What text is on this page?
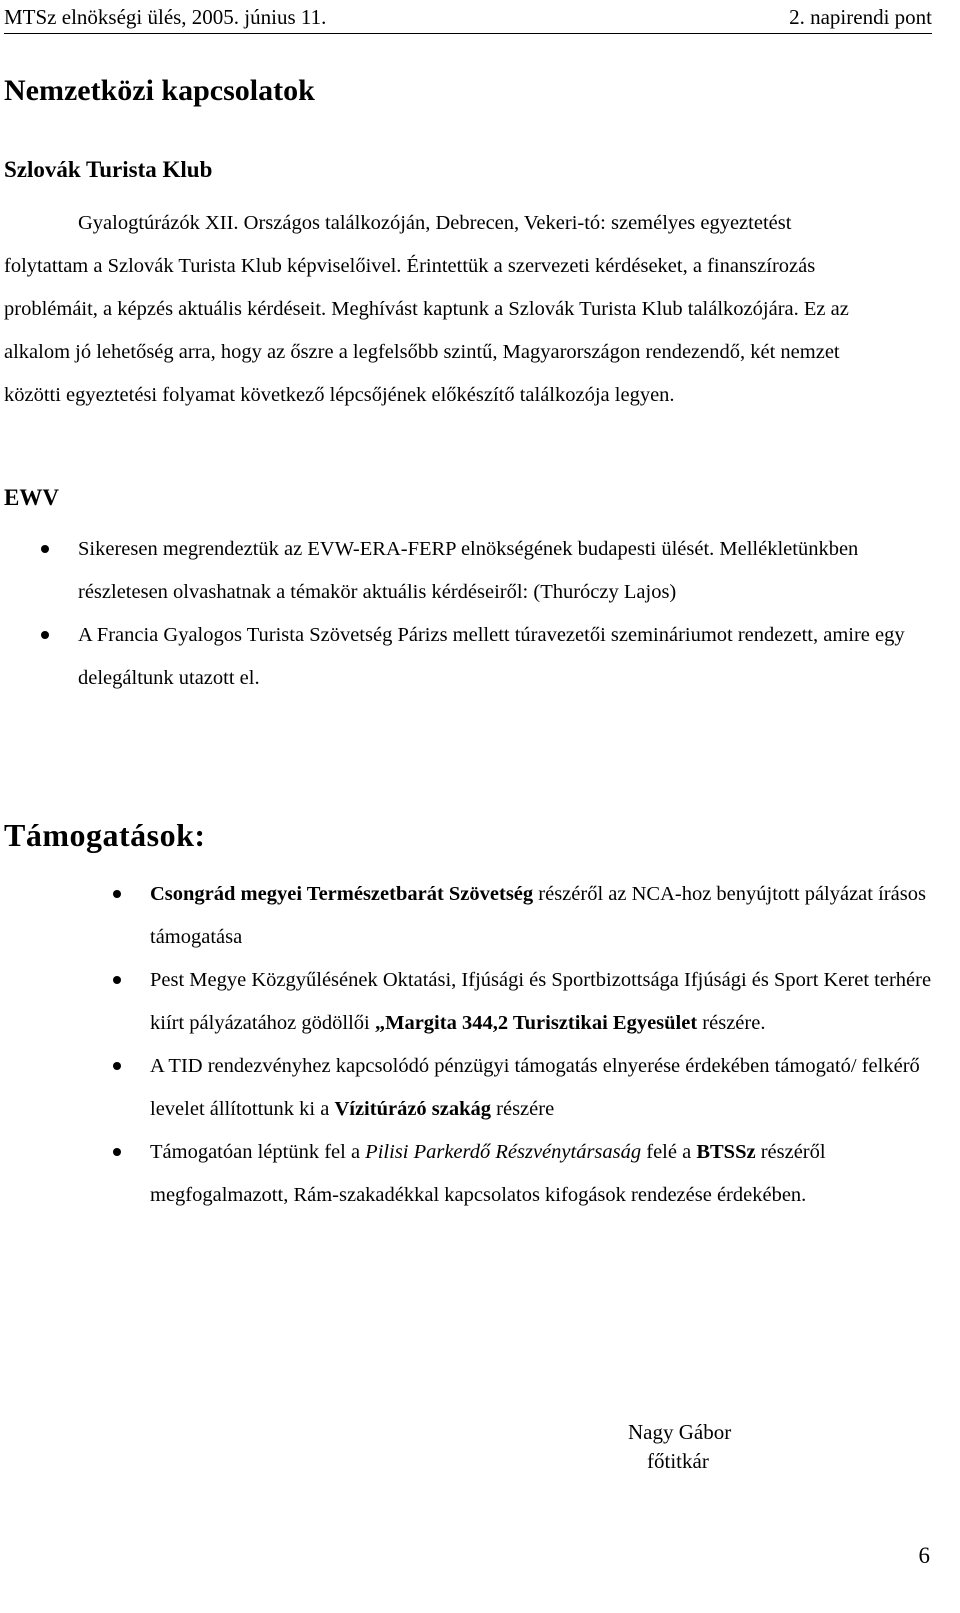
MTSz elnökségi ülés, 2005. június 11.	2. napirendi pont
Nemzetközi kapcsolatok
Szlovák Turista Klub

Gyalogtúrázók XII. Országos találkozóján, Debrecen, Vekeri-tó: személyes egyeztetést folytattam a Szlovák Turista Klub képviselőivel. Érintettük a szervezeti kérdéseket, a finanszírozás problémáit, a képzés aktuális kérdéseit. Meghívást kaptunk a Szlovák Turista Klub találkozójára. Ez az alkalom jó lehetőség arra, hogy az őszre a legfelsőbb szintű, Magyarországon rendezendő, két nemzet közötti egyeztetési folyamat következő lépcsőjének előkészítő találkozója legyen.

EWV
Sikeresen megrendeztük az EVW-ERA-FERP elnökségének budapesti ülését. Mellékletünkben részletesen olvashatnak a témakör aktuális kérdéseiről: (Thuróczy Lajos)
A Francia Gyalogos Turista Szövetség Párizs mellett túravezetői szemináriumot rendezett, amire egy delegáltunk utazott el.
Támogatások:
Csongrád megyei Természetbarát Szövetség részéről az NCA-hoz benyújtott pályázat írásos támogatása
Pest Megye Közgyűlésének Oktatási, Ifjúsági és Sportbizottsága Ifjúsági és Sport Keret terhére kiírt pályázatához gödöllői „Margita 344,2 Turisztikai Egyesület részére.
A TID rendezvényhez kapcsolódó pénzügyi támogatás elnyerése érdekében támogató/ felkérő levelet állítottunk ki a Vízitúrázó szakág részére
Támogatóan léptünk fel a Pilisi Parkerdő Részvénytársaság felé a BTSSz részéről megfogalmazott, Rám-szakadékkal kapcsolatos kifogások rendezése érdekében.
Nagy Gábor
főtitkár
6
